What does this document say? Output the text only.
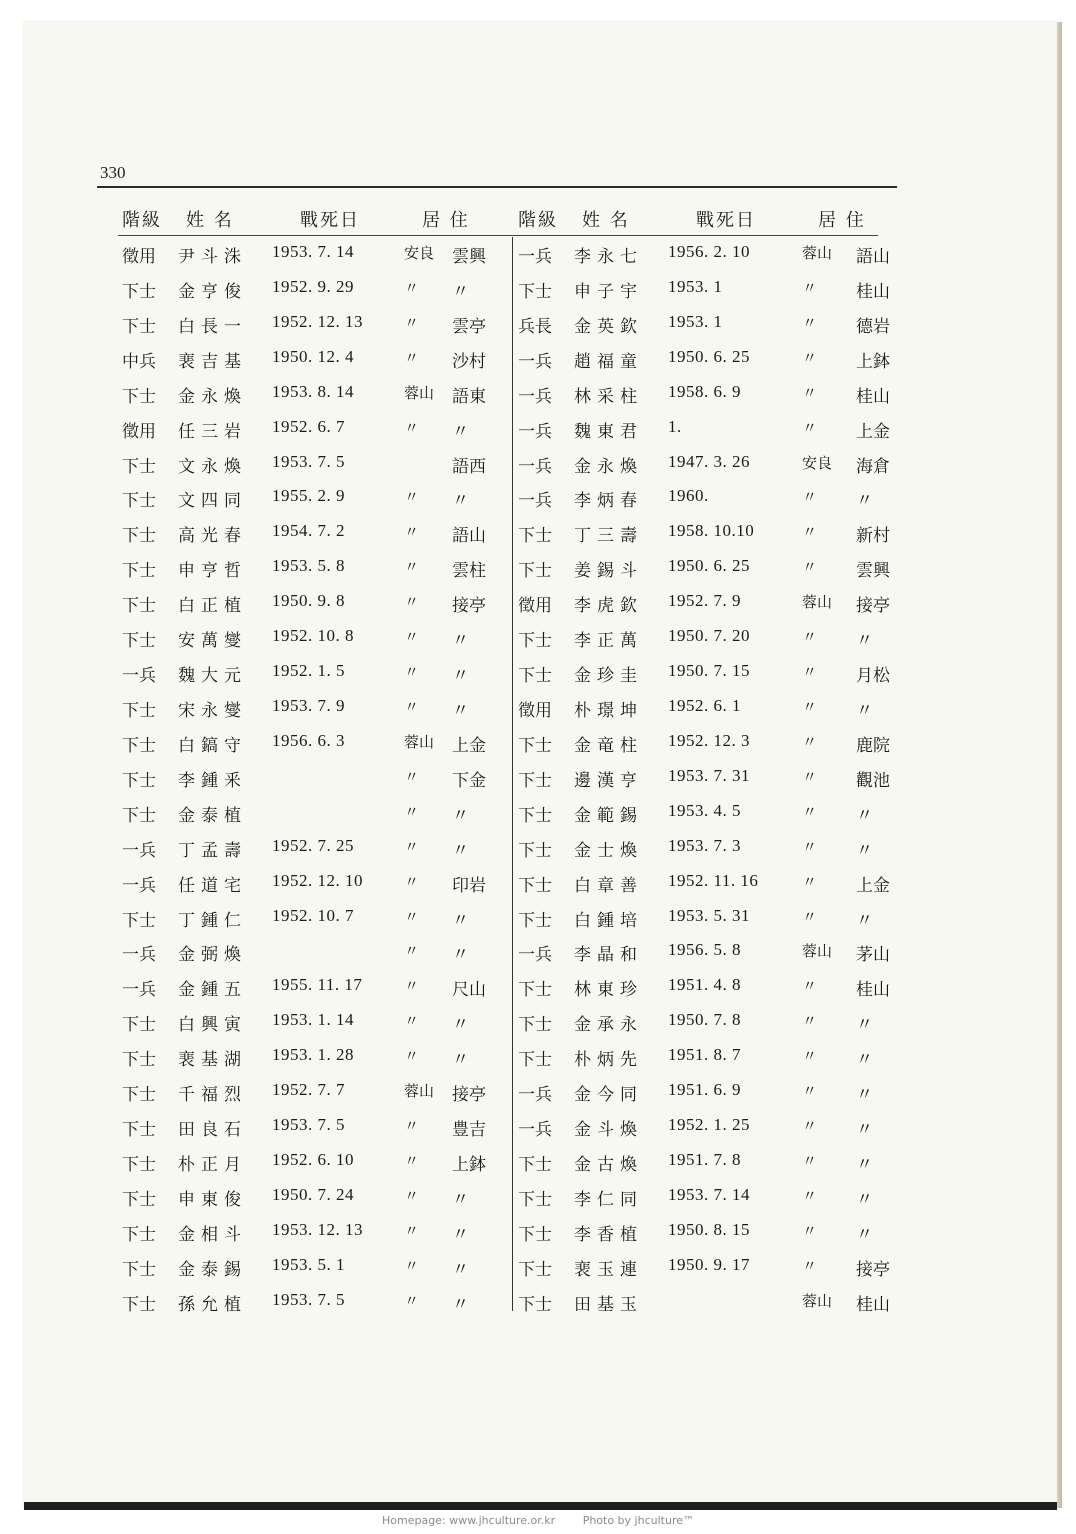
330
階級 姓 名	戰死日	居 住	階級 姓 名	戰死日	居 住
徵用 尹斗洙 1953. 7. 14	安良 雲興
下士 金亨俊 1952. 9. 29	〃 〃
下士 白長一 1952. 12. 13	〃 雲亭
中兵 裵吉基 1950. 12. 4	〃 沙村
下士 金永煥 1953. 8. 14	蓉山 語東
徵用 任三岩 1952. 6. 7	〃 〃
下士 文永煥 1953. 7. 5	語西
下士 文四同 1955. 2. 9	〃 〃
下士 高光春 1954. 7. 2	〃 語山
下士 申亨哲 1953. 5. 8	〃 雲柱
下士 白正植 1950. 9. 8	〃 接亭
下士 安萬燮 1952. 10. 8	〃 〃
一兵 魏大元 1952. 1. 5	〃 〃
下士 宋永燮 1953. 7. 9	〃 〃
下士 白鎬守 1956. 6. 3	蓉山 上金
下士 李鍾釆	〃 下金
下士 金泰植	〃 〃
一兵 丁孟壽 1952. 7. 25	〃 〃
一兵 任道宅 1952. 12. 10	〃 印岩
下士 丁鍾仁 1952. 10. 7	〃 〃
一兵 金弼煥	〃 〃
一兵 金鍾五 1955. 11. 17	〃 尺山
下士 白興寅 1953. 1. 14	〃 〃
下士 裵基湖 1953. 1. 28	〃 〃
下士 千福烈 1952. 7. 7	蓉山 接亭
下士 田良石 1953. 7. 5	〃 豊吉
下士 朴正月 1952. 6. 10	〃 上鉢
下士 申東俊 1950. 7. 24	〃 〃
下士 金相斗 1953. 12. 13	〃 〃
下士 金泰錫 1953. 5. 1	〃 〃
下士 孫允植 1953. 7. 5	〃 〃
一兵 李永七 1956. 2. 10	蓉山 語山
下士 申子宇 1953. 1	〃 桂山
兵長 金英欽 1953. 1	〃 德岩
一兵 趙福童 1950. 6. 25	〃 上鉢
一兵 林采柱 1958. 6. 9	〃 桂山
一兵 魏東君 1.	〃 上金
一兵 金永煥 1947. 3. 26	安良 海倉
一兵 李炳春 1960.	〃 〃
下士 丁三壽 1958. 10.10	〃 新村
下士 姜錫斗 1950. 6. 25	〃 雲興
徵用 李虎欽 1952. 7. 9	蓉山 接亭
下士 李正萬 1950. 7. 20	〃 〃
下士 金珍圭 1950. 7. 15	〃 月松
徵用 朴璟坤 1952. 6. 1	〃 〃
下士 金竜柱 1952. 12. 3	〃 鹿院
下士 邊漢亨 1953. 7. 31	〃 觀池
下士 金範錫 1953. 4. 5	〃 〃
下士 金士煥 1953. 7. 3	〃 〃
下士 白章善 1952. 11. 16	〃 上金
下士 白鍾培 1953. 5. 31	〃 〃
一兵 李晶和 1956. 5. 8	蓉山 茅山
下士 林東珍 1951. 4. 8	〃 桂山
下士 金承永 1950. 7. 8	〃 〃
下士 朴炳先 1951. 8. 7	〃 〃
一兵 金今同 1951. 6. 9	〃 〃
一兵 金斗煥 1952. 1. 25	〃 〃
下士 金古煥 1951. 7. 8	〃 〃
下士 李仁同 1953. 7. 14	〃 〃
下士 李香植 1950. 8. 15	〃 〃
下士 裵玉連 1950. 9. 17	〃 接亭
下士 田基玉	蓉山 桂山
Homepage: www.jhculture.or.kr	Photo by jhculture™
